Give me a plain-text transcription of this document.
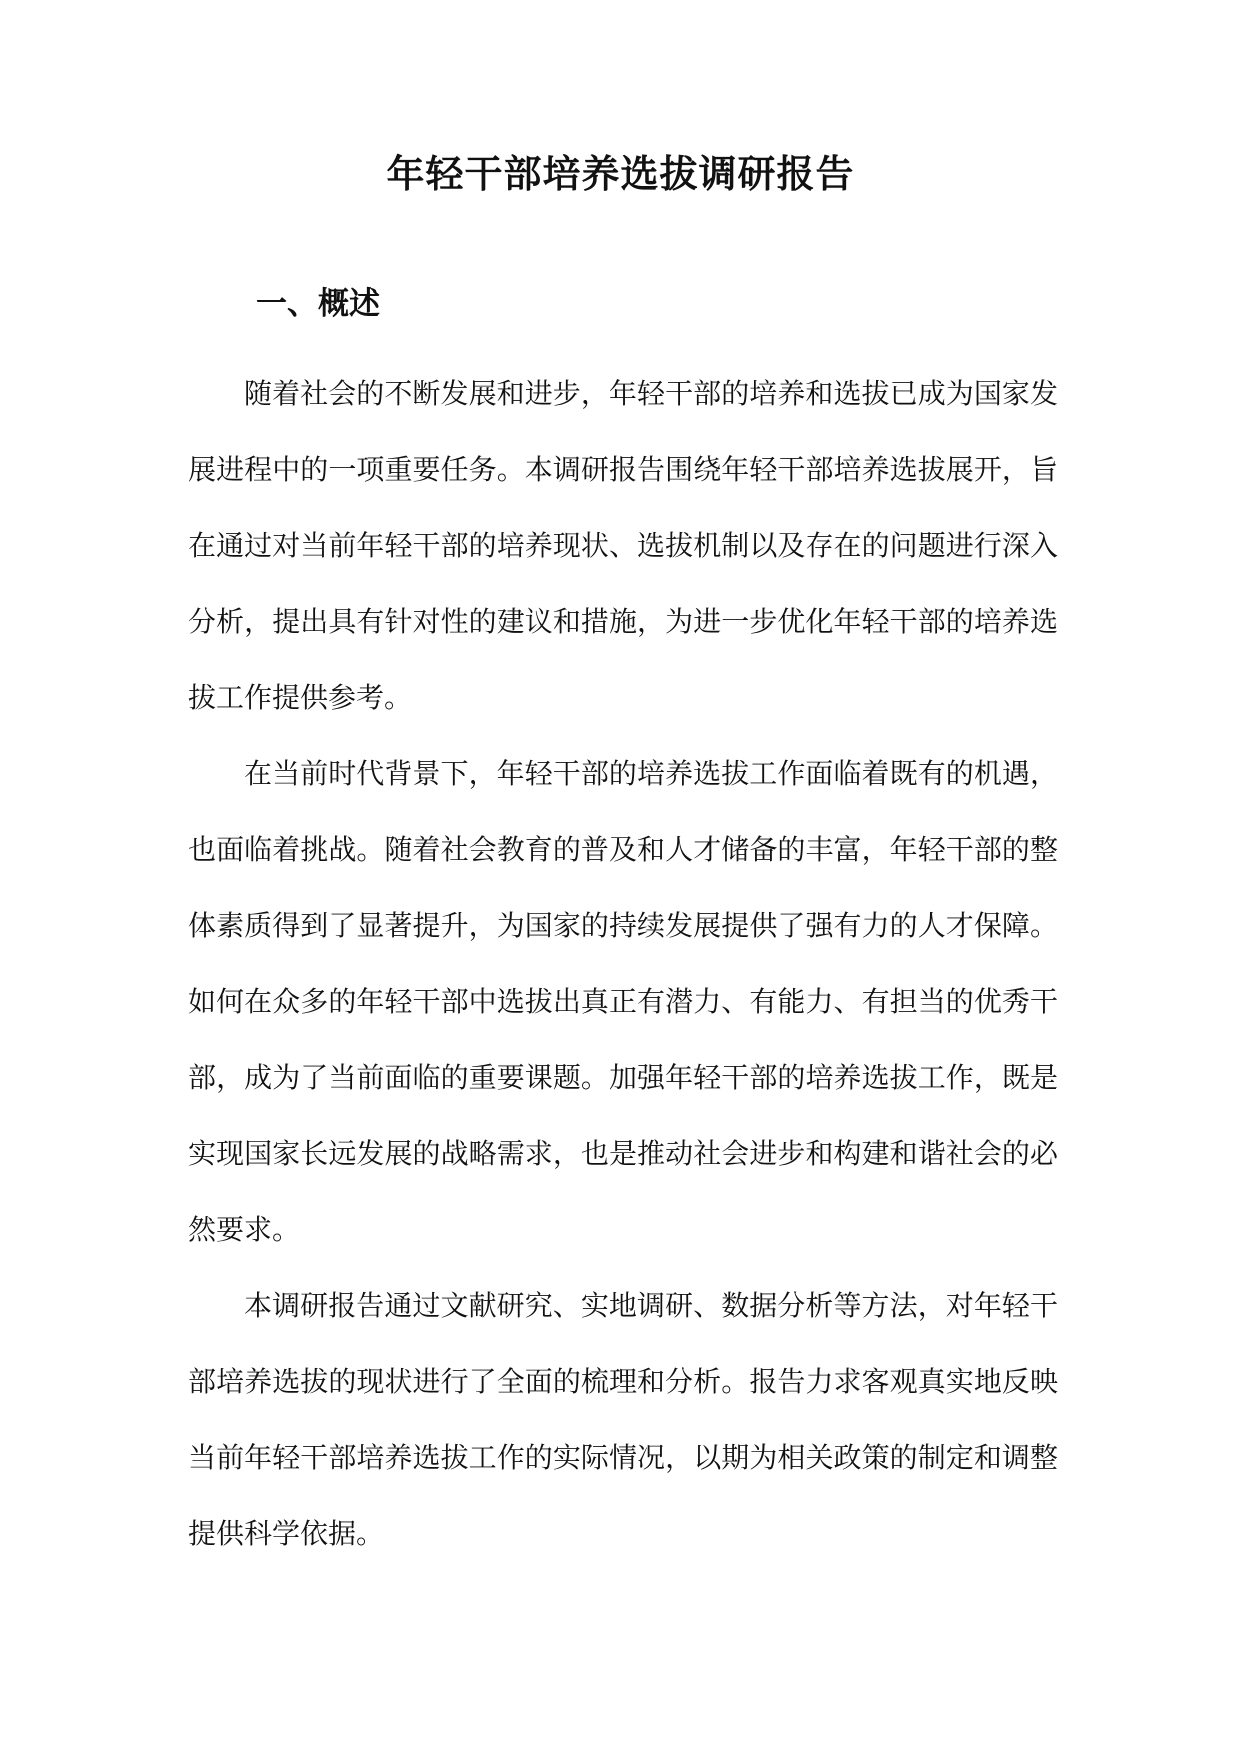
年轻干部培养选拔调研报告
一、概述

随着社会的不断发展和进步，年轻干部的培养和选拔已成为国家发展进程中的一项重要任务。本调研报告围绕年轻干部培养选拔展开，旨在通过对当前年轻干部的培养现状、选拔机制以及存在的问题进行深入分析，提出具有针对性的建议和措施，为进一步优化年轻干部的培养选拔工作提供参考。

在当前时代背景下，年轻干部的培养选拔工作面临着既有的机遇，也面临着挑战。随着社会教育的普及和人才储备的丰富，年轻干部的整体素质得到了显著提升，为国家的持续发展提供了强有力的人才保障。如何在众多的年轻干部中选拔出真正有潜力、有能力、有担当的优秀干部，成为了当前面临的重要课题。加强年轻干部的培养选拔工作，既是实现国家长远发展的战略需求，也是推动社会进步和构建和谐社会的必然要求。

本调研报告通过文献研究、实地调研、数据分析等方法，对年轻干部培养选拔的现状进行了全面的梳理和分析。报告力求客观真实地反映当前年轻干部培养选拔工作的实际情况，以期为相关政策的制定和调整提供科学依据。
